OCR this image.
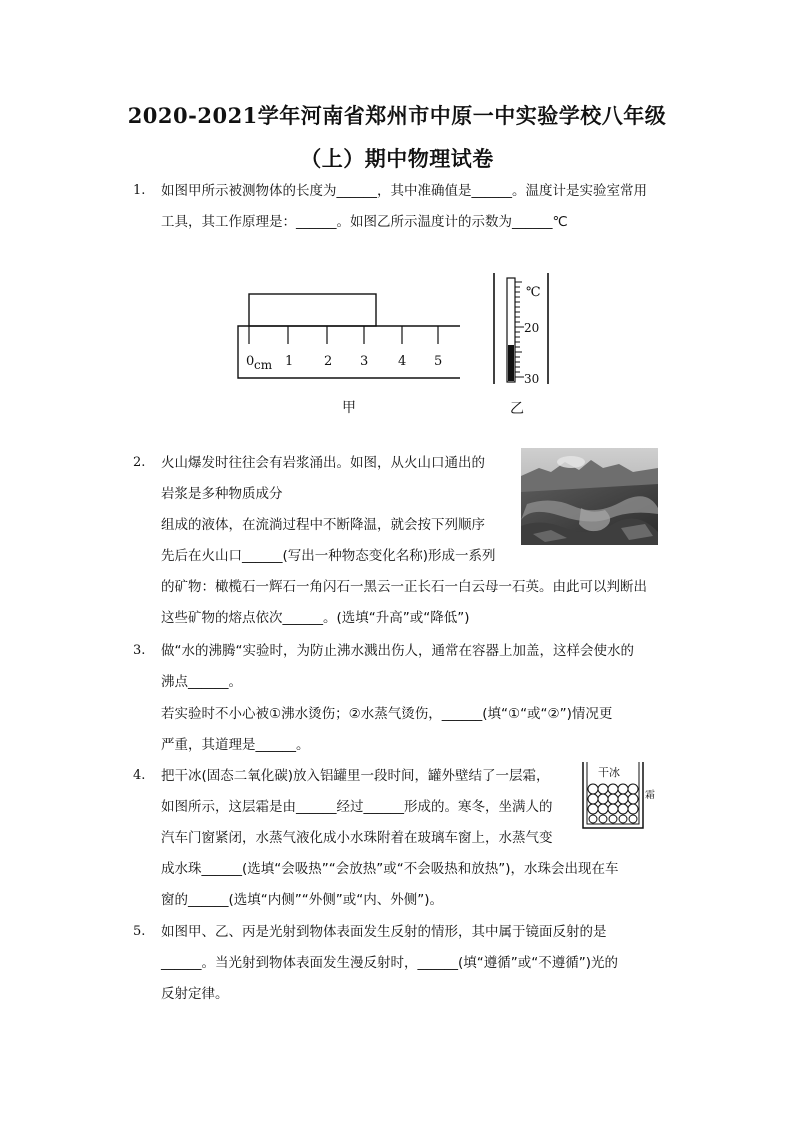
2020-2021学年河南省郑州市中原一中实验学校八年级
（上）期中物理试卷
1. 如图甲所示被测物体的长度为______，其中准确值是______。温度计是实验室常用
工具，其工作原理是：______。如图乙所示温度计的示数为______℃
0 cm 1 2 3 4 5
℃
20
30
甲	乙
2. 火山爆发时往往会有岩浆涌出。如图，从火山口通出的
岩浆是多种物质成分
组成的液体，在流淌过程中不断降温，就会按下列顺序
先后在火山口______(写出一种物态变化名称)形成一系列
的矿物：橄榄石一辉石一角闪石一黑云一正长石一白云母一石英。由此可以判断出
这些矿物的熔点依次______。(选填“升高”或“降低”)
3. 做“水的沸腾“实验时，为防止沸水溅出伤人，通常在容器上加盖，这样会使水的
沸点______。
若实验时不小心被①沸水烫伤；②水蒸气烫伤，______(填“①“或“②”)情况更
严重，其道理是______。
4. 把干冰(固态二氧化碳)放入铝罐里一段时间，罐外壁结了一层霜，
如图所示，这层霜是由______经过______形成的。寒冬，坐满人的
汽车门窗紧闭，水蒸气液化成小水珠附着在玻璃车窗上，水蒸气变
成水珠______(选填“会吸热”“会放热”或“不会吸热和放热”)，水珠会出现在车
窗的______(选填“内侧”“外侧”或“内、外侧”)。
干冰
霜
5. 如图甲、乙、丙是光射到物体表面发生反射的情形，其中属于镜面反射的是
______。当光射到物体表面发生漫反射时，______(填“遵循”或“不遵循”)光的
反射定律。
